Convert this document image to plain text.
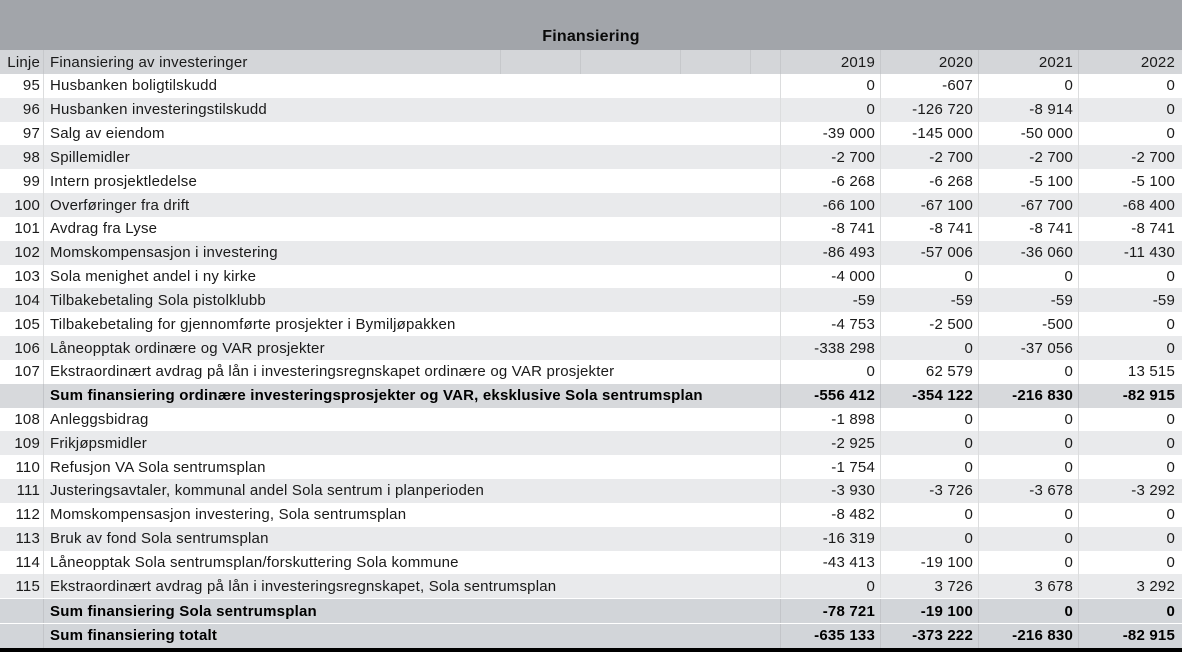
Finansiering
Linje Finansiering av investeringer	2019	2020	2021	2022
95 Husbanken boligtilskudd	0	-607	0	0
96 Husbanken investeringstilskudd	0	-126 720	-8 914	0
97 Salg av eiendom	-39 000	-145 000	-50 000	0
98 Spillemidler	-2 700	-2 700	-2 700	-2 700
99 Intern prosjektledelse	-6 268	-6 268	-5 100	-5 100
100 Overføringer fra drift	-66 100	-67 100	-67 700	-68 400
101 Avdrag fra Lyse	-8 741	-8 741	-8 741	-8 741
102 Momskompensasjon i investering	-86 493	-57 006	-36 060	-11 430
103 Sola menighet andel i ny kirke	-4 000	0	0	0
104 Tilbakebetaling Sola pistolklubb	-59	-59	-59	-59
105 Tilbakebetaling for gjennomførte prosjekter i Bymiljøpakken	-4 753	-2 500	-500	0
106 Låneopptak ordinære og VAR prosjekter	-338 298	0	-37 056	0
107 Ekstraordinært avdrag på lån i investeringsregnskapet ordinære og VAR prosjekter	0	62 579	0	13 515
Sum finansiering ordinære investeringsprosjekter og VAR, eksklusive Sola sentrumsplan	-556 412	-354 122	-216 830	-82 915
108 Anleggsbidrag	-1 898	0	0	0
109 Frikjøpsmidler	-2 925	0	0	0
110 Refusjon VA Sola sentrumsplan	-1 754	0	0	0
111 Justeringsavtaler, kommunal andel Sola sentrum i planperioden	-3 930	-3 726	-3 678	-3 292
112 Momskompensasjon investering, Sola sentrumsplan	-8 482	0	0	0
113 Bruk av fond Sola sentrumsplan	-16 319	0	0	0
114 Låneopptak Sola sentrumsplan/forskuttering Sola kommune	-43 413	-19 100	0	0
115 Ekstraordinært avdrag på lån i investeringsregnskapet, Sola sentrumsplan	0	3 726	3 678	3 292
Sum finansiering Sola sentrumsplan	-78 721	-19 100	0	0
Sum finansiering totalt	-635 133	-373 222	-216 830	-82 915
